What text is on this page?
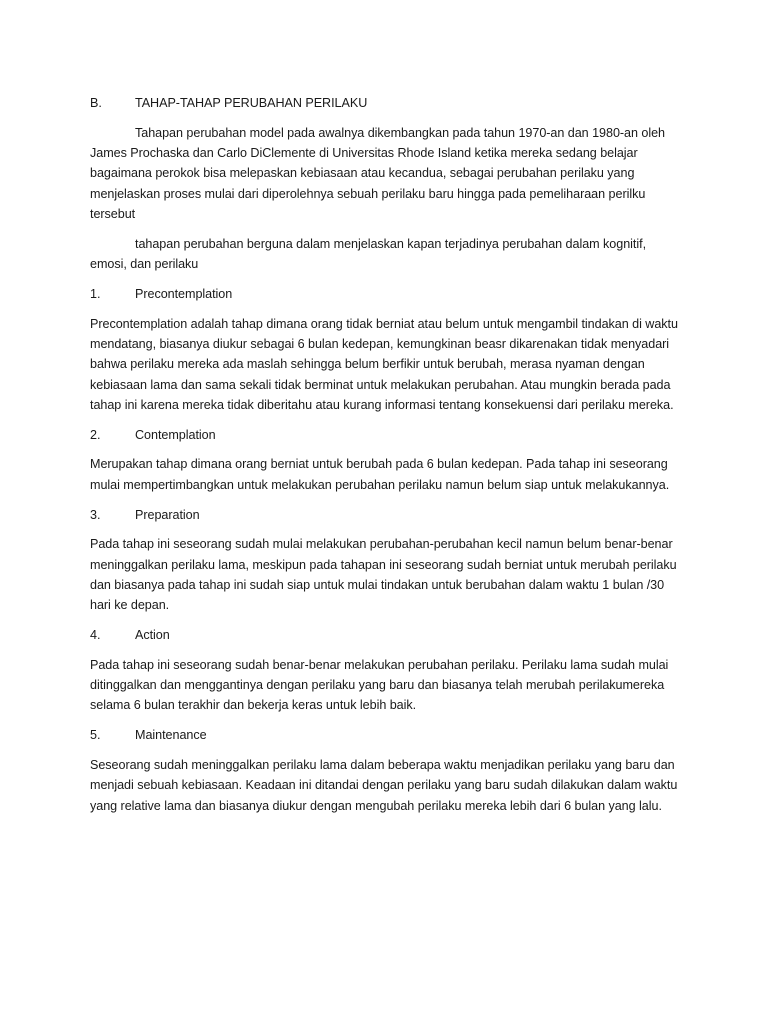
B.	TAHAP-TAHAP PERUBAHAN PERILAKU

Tahapan perubahan model pada awalnya dikembangkan pada tahun 1970-an dan 1980-an oleh James Prochaska dan Carlo DiClemente di Universitas Rhode Island ketika mereka sedang belajar bagaimana perokok bisa melepaskan kebiasaan atau kecandua, sebagai perubahan perilaku yang menjelaskan proses mulai dari diperolehnya sebuah perilaku baru hingga pada pemeliharaan perilku tersebut

tahapan perubahan berguna dalam menjelaskan kapan terjadinya perubahan dalam kognitif, emosi, dan perilaku

1.	Precontemplation

Precontemplation adalah tahap dimana orang tidak berniat atau belum untuk mengambil tindakan di waktu mendatang, biasanya diukur sebagai 6 bulan kedepan, kemungkinan beasr dikarenakan tidak menyadari bahwa perilaku mereka ada maslah sehingga belum berfikir untuk berubah, merasa nyaman dengan kebiasaan lama dan sama sekali tidak berminat untuk melakukan perubahan. Atau mungkin berada pada tahap ini karena mereka tidak diberitahu atau kurang informasi tentang konsekuensi dari perilaku mereka.

2.	Contemplation

Merupakan tahap dimana orang berniat untuk berubah pada 6 bulan kedepan. Pada tahap ini seseorang mulai mempertimbangkan untuk melakukan perubahan perilaku namun belum siap untuk melakukannya.

3.	Preparation

Pada tahap ini seseorang sudah mulai melakukan perubahan-perubahan kecil namun belum benar-benar meninggalkan perilaku lama, meskipun pada tahapan ini seseorang sudah berniat untuk merubah perilaku dan biasanya pada tahap ini sudah siap untuk mulai tindakan untuk berubahan dalam waktu 1 bulan /30 hari ke depan.

4.	Action

Pada tahap ini seseorang sudah benar-benar melakukan perubahan perilaku. Perilaku lama sudah mulai ditinggalkan dan menggantinya dengan perilaku yang baru dan biasanya telah merubah perilakumereka selama 6 bulan terakhir dan bekerja keras untuk lebih baik.

5.	Maintenance

Seseorang sudah meninggalkan perilaku lama dalam beberapa waktu menjadikan perilaku yang baru dan menjadi sebuah kebiasaan. Keadaan ini ditandai dengan perilaku yang baru sudah dilakukan dalam waktu yang relative lama dan biasanya diukur dengan mengubah perilaku mereka lebih dari 6 bulan yang lalu.
